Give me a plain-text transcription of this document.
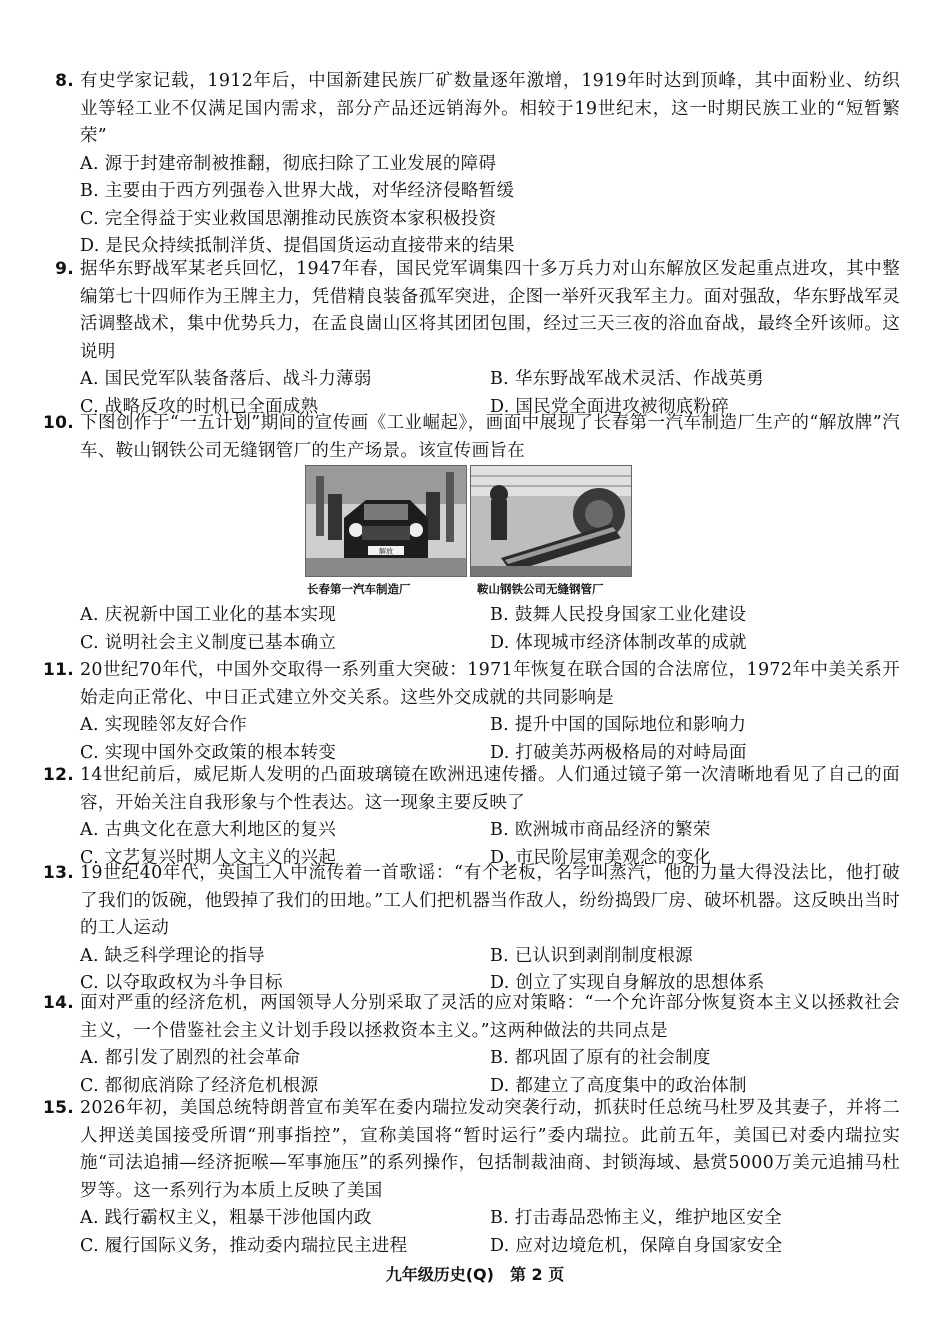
8. 有史学家记载，1912年后，中国新建民族厂矿数量逐年激增，1919年时达到顶峰，其中面粉业、纺织业等轻工业不仅满足国内需求，部分产品还远销海外。相较于19世纪末，这一时期民族工业的“短暂繁荣”
A. 源于封建帝制被推翻，彻底扫除了工业发展的障碍
B. 主要由于西方列强卷入世界大战，对华经济侵略暂缓
C. 完全得益于实业救国思潮推动民族资本家积极投资
D. 是民众持续抵制洋货、提倡国货运动直接带来的结果
9. 据华东野战军某老兵回忆，1947年春，国民党军调集四十多万兵力对山东解放区发起重点进攻，其中整编第七十四师作为王牌主力，凭借精良装备孤军突进，企图一举歼灭我军主力。面对强敌，华东野战军灵活调整战术，集中优势兵力，在孟良崮山区将其团团包围，经过三天三夜的浴血奋战，最终全歼该师。这说明
A. 国民党军队装备落后、战斗力薄弱	B. 华东野战军战术灵活、作战英勇
C. 战略反攻的时机已全面成熟	D. 国民党全面进攻被彻底粉碎
10. 下图创作于“一五计划”期间的宣传画《工业崛起》，画面中展现了长春第一汽车制造厂生产的“解放牌”汽车、鞍山钢铁公司无缝钢管厂的生产场景。该宣传画旨在
解放
长春第一汽车制造厂	鞍山钢铁公司无缝钢管厂
A. 庆祝新中国工业化的基本实现	B. 鼓舞人民投身国家工业化建设
C. 说明社会主义制度已基本确立	D. 体现城市经济体制改革的成就
11. 20世纪70年代，中国外交取得一系列重大突破：1971年恢复在联合国的合法席位，1972年中美关系开始走向正常化、中日正式建立外交关系。这些外交成就的共同影响是
A. 实现睦邻友好合作	B. 提升中国的国际地位和影响力
C. 实现中国外交政策的根本转变	D. 打破美苏两极格局的对峙局面
12. 14世纪前后，威尼斯人发明的凸面玻璃镜在欧洲迅速传播。人们通过镜子第一次清晰地看见了自己的面容，开始关注自我形象与个性表达。这一现象主要反映了
A. 古典文化在意大利地区的复兴	B. 欧洲城市商品经济的繁荣
C. 文艺复兴时期人文主义的兴起	D. 市民阶层审美观念的变化
13. 19世纪40年代，英国工人中流传着一首歌谣：“有个老板，名字叫蒸汽，他的力量大得没法比，他打破了我们的饭碗，他毁掉了我们的田地。”工人们把机器当作敌人，纷纷捣毁厂房、破坏机器。这反映出当时的工人运动
A. 缺乏科学理论的指导	B. 已认识到剥削制度根源
C. 以夺取政权为斗争目标	D. 创立了实现自身解放的思想体系
14. 面对严重的经济危机，两国领导人分别采取了灵活的应对策略：“一个允许部分恢复资本主义以拯救社会主义，一个借鉴社会主义计划手段以拯救资本主义。”这两种做法的共同点是
A. 都引发了剧烈的社会革命	B. 都巩固了原有的社会制度
C. 都彻底消除了经济危机根源	D. 都建立了高度集中的政治体制
15. 2026年初，美国总统特朗普宣布美军在委内瑞拉发动突袭行动，抓获时任总统马杜罗及其妻子，并将二人押送美国接受所谓“刑事指控”，宣称美国将“暂时运行”委内瑞拉。此前五年，美国已对委内瑞拉实施“司法追捕—经济扼喉—军事施压”的系列操作，包括制裁油商、封锁海域、悬赏5000万美元追捕马杜罗等。这一系列行为本质上反映了美国
A. 践行霸权主义，粗暴干涉他国内政	B. 打击毒品恐怖主义，维护地区安全
C. 履行国际义务，推动委内瑞拉民主进程	D. 应对边境危机，保障自身国家安全
九年级历史(Q)　第 2 页
